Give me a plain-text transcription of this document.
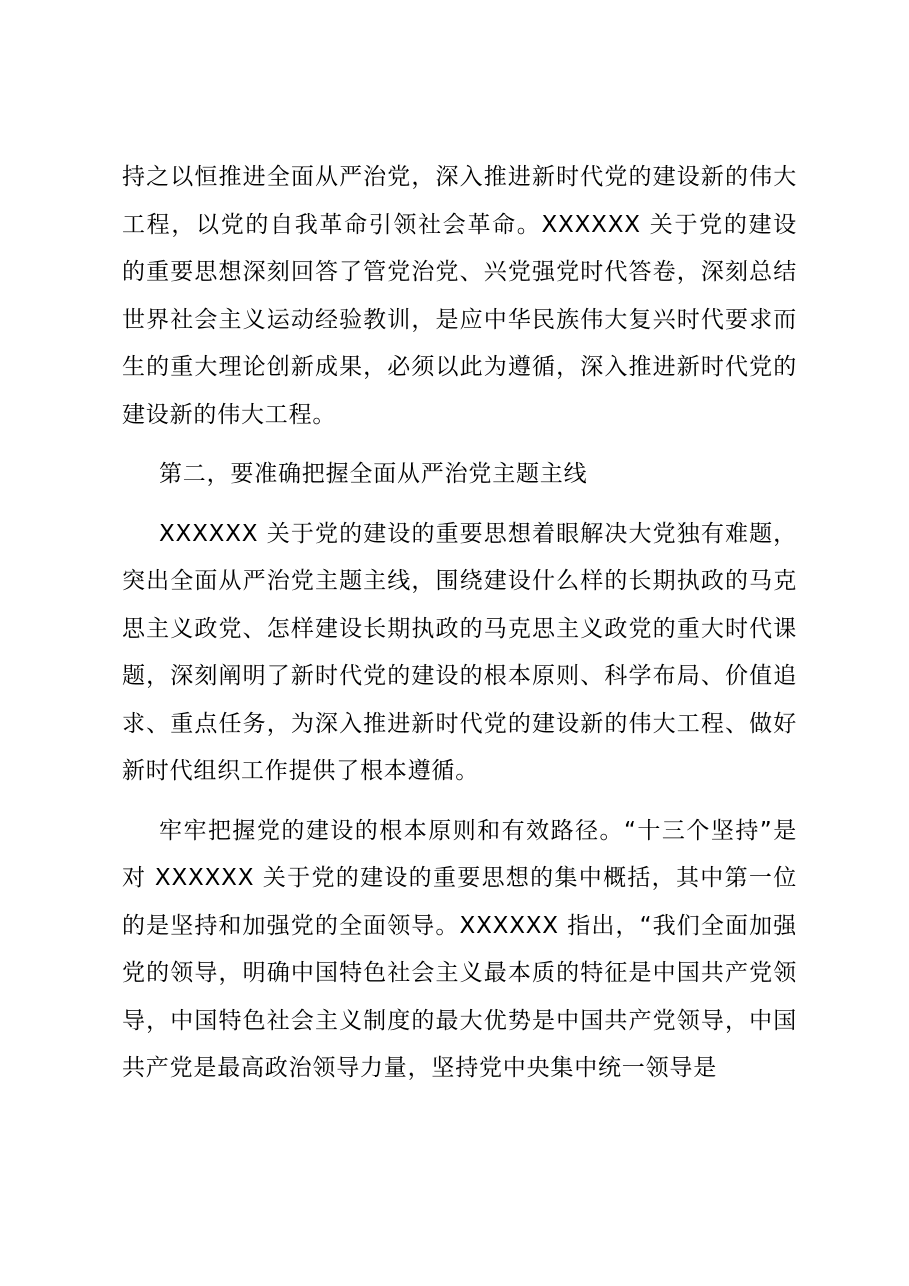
持之以恒推进全面从严治党，深入推进新时代党的建设新的伟大工程，以党的自我革命引领社会革命。XXXXXX 关于党的建设的重要思想深刻回答了管党治党、兴党强党时代答卷，深刻总结世界社会主义运动经验教训，是应中华民族伟大复兴时代要求而生的重大理论创新成果，必须以此为遵循，深入推进新时代党的建设新的伟大工程。

第二，要准确把握全面从严治党主题主线

XXXXXX 关于党的建设的重要思想着眼解决大党独有难题，突出全面从严治党主题主线，围绕建设什么样的长期执政的马克思主义政党、怎样建设长期执政的马克思主义政党的重大时代课题，深刻阐明了新时代党的建设的根本原则、科学布局、价值追求、重点任务，为深入推进新时代党的建设新的伟大工程、做好新时代组织工作提供了根本遵循。

牢牢把握党的建设的根本原则和有效路径。“十三个坚持”是对 XXXXXX 关于党的建设的重要思想的集中概括，其中第一位的是坚持和加强党的全面领导。XXXXXX 指出，“我们全面加强党的领导，明确中国特色社会主义最本质的特征是中国共产党领导，中国特色社会主义制度的最大优势是中国共产党领导，中国共产党是最高政治领导力量，坚持党中央集中统一领导是
